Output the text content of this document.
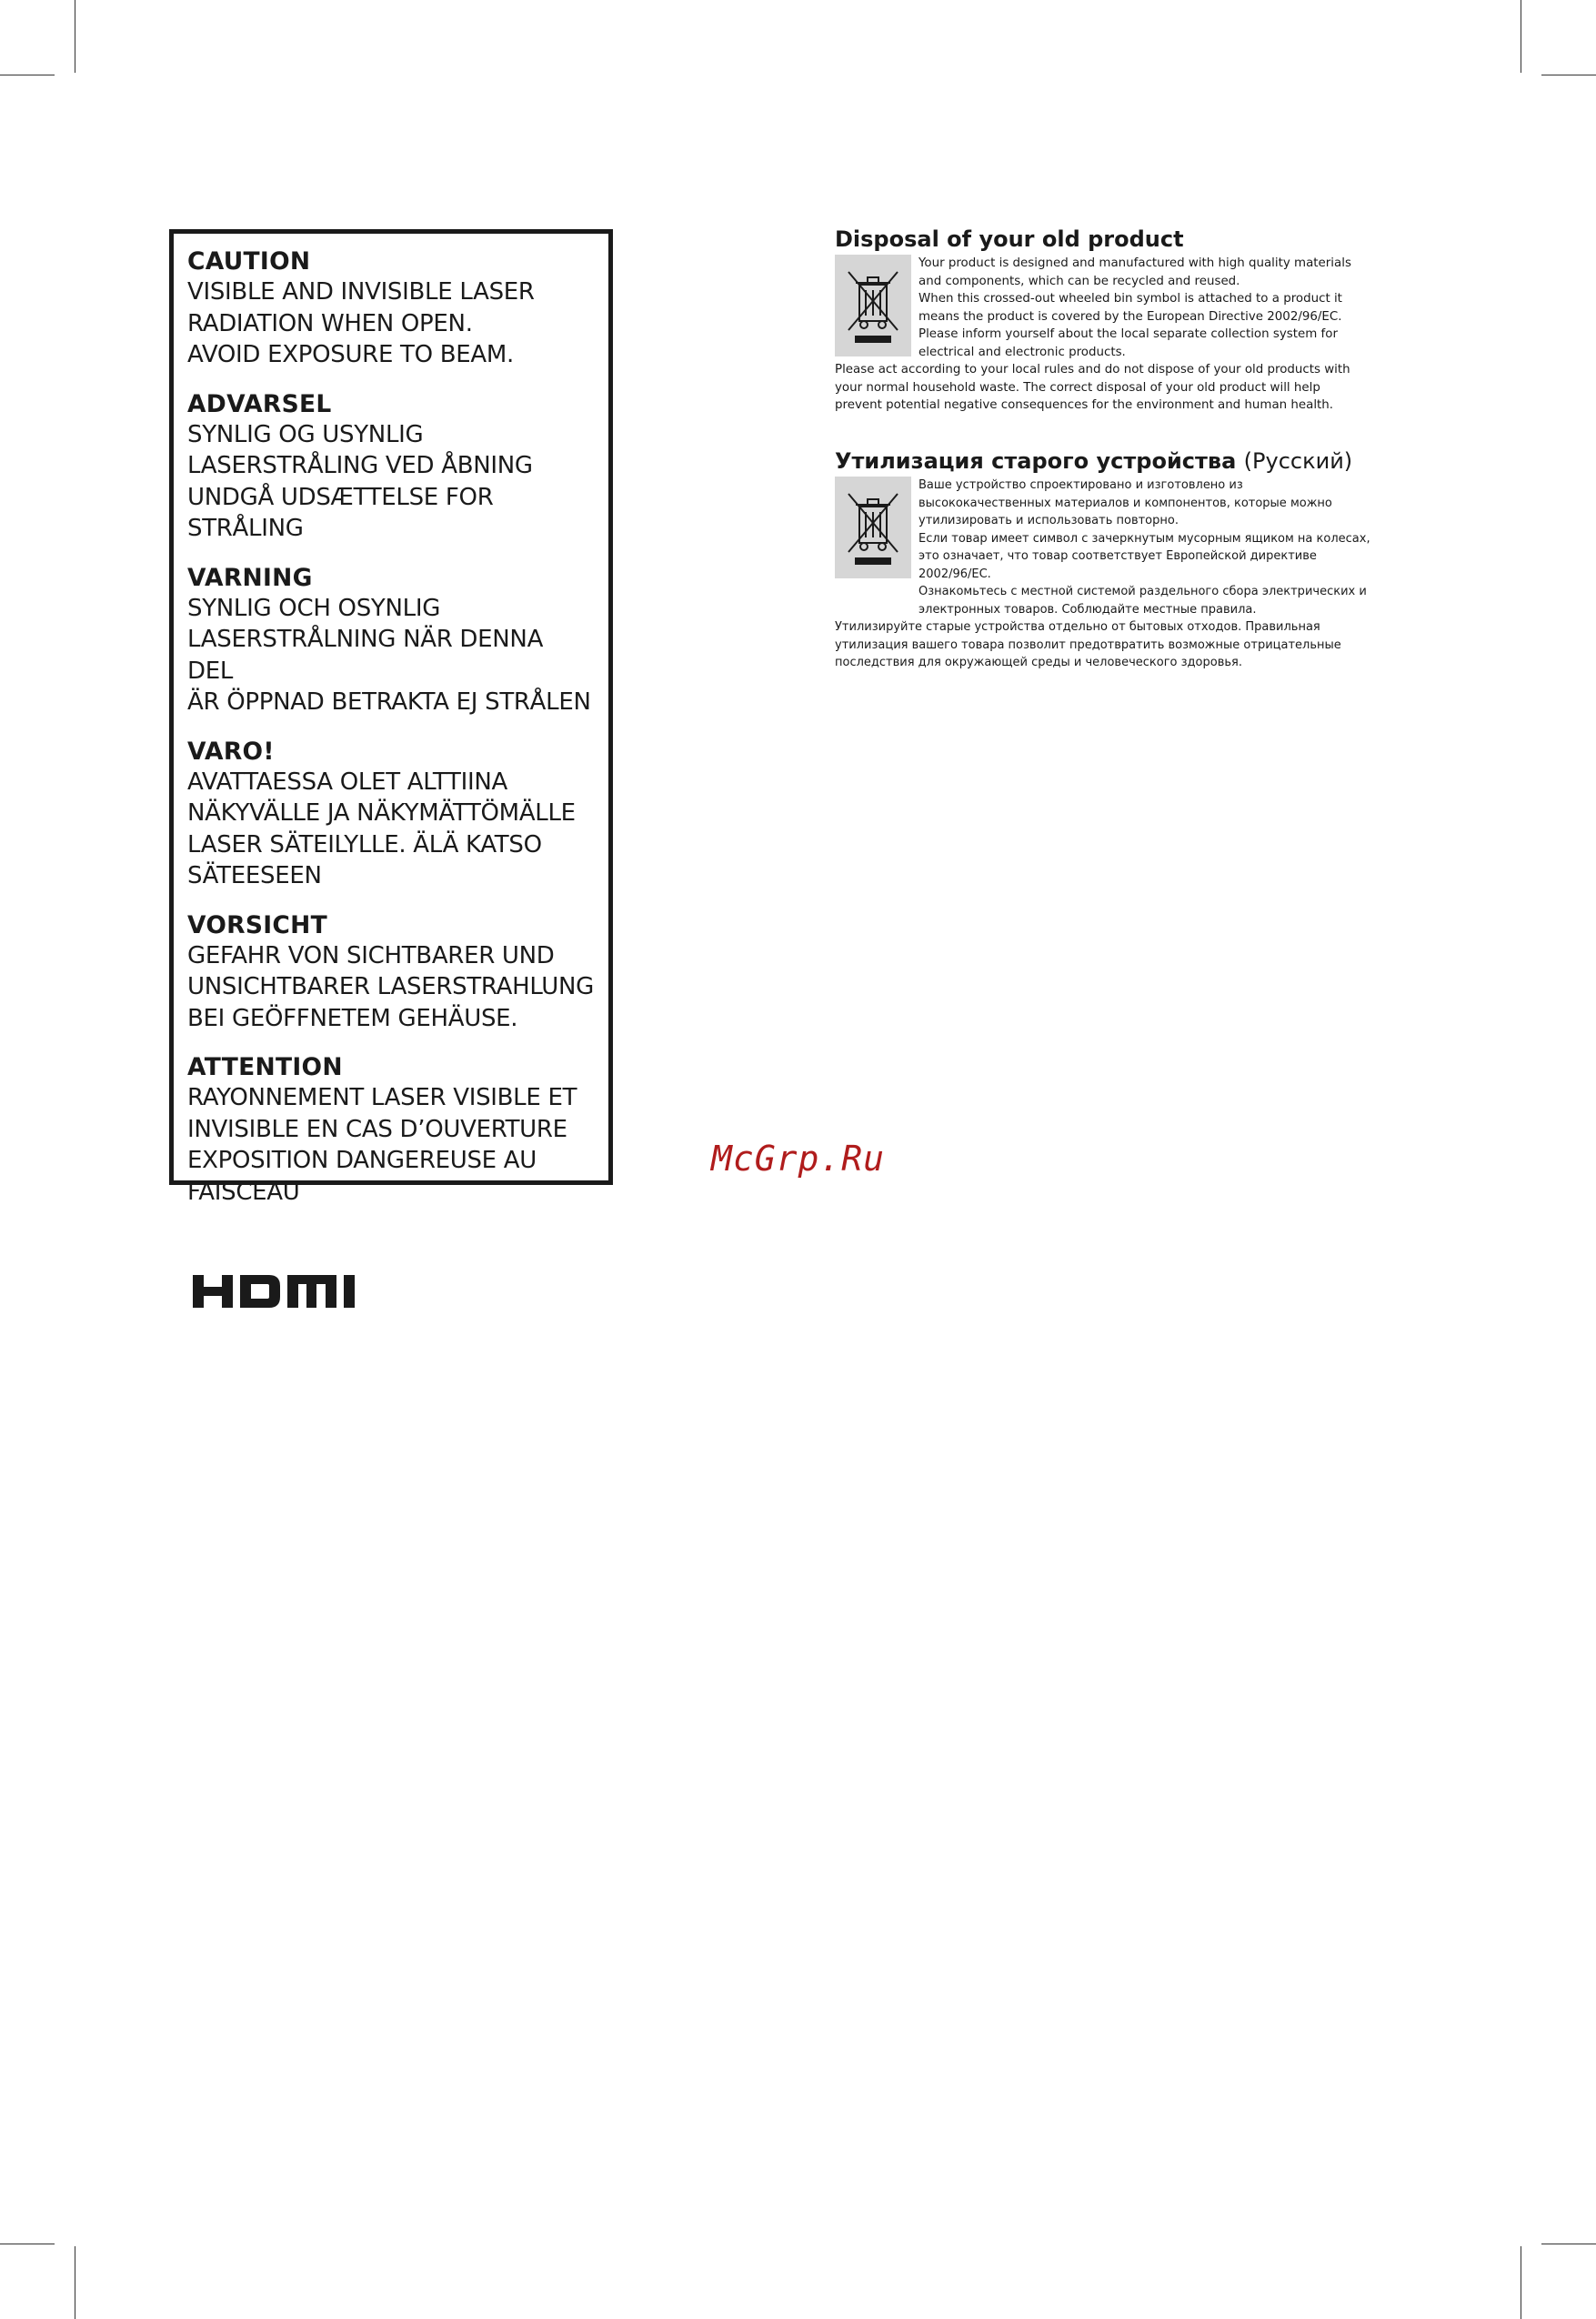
CAUTION
VISIBLE AND INVISIBLE LASER
RADIATION WHEN OPEN.
AVOID EXPOSURE TO BEAM.
ADVARSEL
SYNLIG OG USYNLIG
LASERSTRÅLING VED ÅBNING
UNDGÅ UDSÆTTELSE FOR
STRÅLING
VARNING
SYNLIG OCH OSYNLIG
LASERSTRÅLNING NÄR DENNA DEL
ÄR ÖPPNAD BETRAKTA EJ STRÅLEN
VARO!
AVATTAESSA OLET ALTTIINA
NÄKYVÄLLE JA NÄKYMÄTTÖMÄLLE
LASER SÄTEILYLLE. ÄLÄ KATSO
SÄTEESEEN
VORSICHT
GEFAHR VON SICHTBARER UND
UNSICHTBARER LASERSTRAHLUNG
BEI GEÖFFNETEM GEHÄUSE.
ATTENTION
RAYONNEMENT LASER VISIBLE ET
INVISIBLE EN CAS D’OUVERTURE
EXPOSITION DANGEREUSE AU
FAISCEAU
Disposal of your old product

Your product is designed and manufactured with high quality materials

and components, which can be recycled and reused.

When this crossed-out wheeled bin symbol is attached to a product it

means the product is covered by the European Directive 2002/96/EC.

Please inform yourself about the local separate collection system for

electrical and electronic products.

Please act according to your local rules and do not dispose of your old products with

your normal household waste. The correct disposal of your old product will help

prevent potential negative consequences for the environment and human health.

Утилизация старого устройства (Русский)

Ваше устройство спроектировано и изготовлено из

высококачественных материалов и компонентов, которые можно

утилизировать и использовать повторно.

Если товар имеет символ с зачеркнутым мусорным ящиком на колесах,

это означает, что товар соответствует Европейской директиве

2002/96/EC.

Ознакомьтесь с местной системой раздельного сбора электрических и

электронных товаров. Соблюдайте местные правила.

Утилизируйте старые устройства отдельно от бытовых отходов. Правильная

утилизация вашего товара позволит предотвратить возможные отрицательные

последствия для окружающей среды и человеческого здоровья.

McGrp.Ru
